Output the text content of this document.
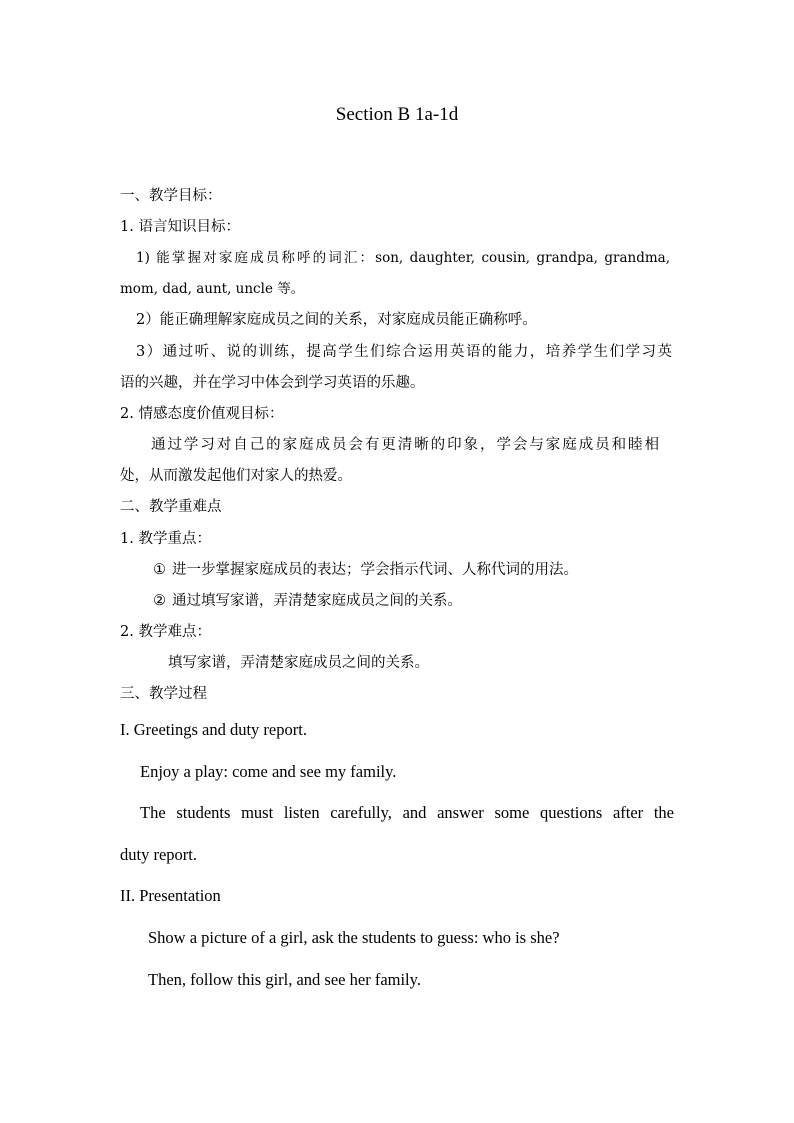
Section B 1a-1d
一、教学目标：
1. 语言知识目标：
1) 能掌握对家庭成员称呼的词汇：son, daughter, cousin, grandpa, grandma,
mom, dad, aunt, uncle 等。
2）能正确理解家庭成员之间的关系，对家庭成员能正确称呼。
3）通过听、说的训练，提高学生们综合运用英语的能力，培养学生们学习英
语的兴趣，并在学习中体会到学习英语的乐趣。
2. 情感态度价值观目标：
通过学习对自己的家庭成员会有更清晰的印象，学会与家庭成员和睦相
处，从而激发起他们对家人的热爱。
二、教学重难点
1. 教学重点：
① 进一步掌握家庭成员的表达；学会指示代词、人称代词的用法。
② 通过填写家谱，弄清楚家庭成员之间的关系。
2. 教学难点：
填写家谱，弄清楚家庭成员之间的关系。
三、教学过程
I. Greetings and duty report.
Enjoy a play: come and see my family.
The students must listen carefully, and answer some questions after the
duty report.
II. Presentation
Show a picture of a girl, ask the students to guess: who is she?
Then, follow this girl, and see her family.
